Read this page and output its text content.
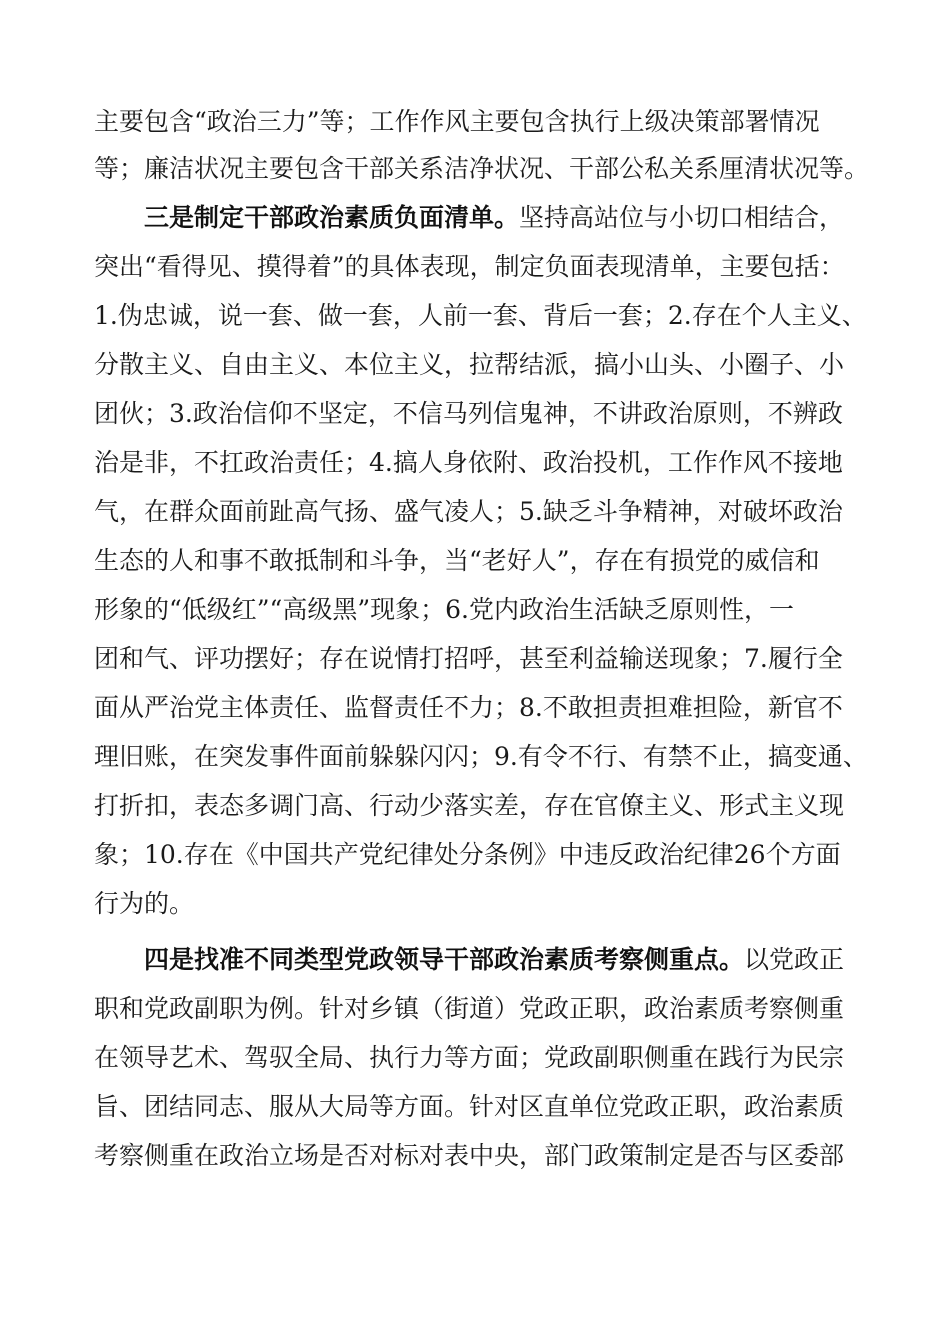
主要包含“政治三力”等；工作作风主要包含执行上级决策部署情况

等；廉洁状况主要包含干部关系洁净状况、干部公私关系厘清状况等。

三是制定干部政治素质负面清单。坚持高站位与小切口相结合，

突出“看得见、摸得着”的具体表现，制定负面表现清单，主要包括：

1.伪忠诚，说一套、做一套，人前一套、背后一套；2.存在个人主义、

分散主义、自由主义、本位主义，拉帮结派，搞小山头、小圈子、小

团伙；3.政治信仰不坚定，不信马列信鬼神，不讲政治原则，不辨政

治是非，不扛政治责任；4.搞人身依附、政治投机，工作作风不接地

气，在群众面前趾高气扬、盛气凌人；5.缺乏斗争精神，对破坏政治

生态的人和事不敢抵制和斗争，当“老好人”，存在有损党的威信和

形象的“低级红”“高级黑”现象；6.党内政治生活缺乏原则性，一

团和气、评功摆好；存在说情打招呼，甚至利益输送现象；7.履行全

面从严治党主体责任、监督责任不力；8.不敢担责担难担险，新官不

理旧账，在突发事件面前躲躲闪闪；9.有令不行、有禁不止，搞变通、

打折扣，表态多调门高、行动少落实差，存在官僚主义、形式主义现

象；10.存在《中国共产党纪律处分条例》中违反政治纪律26个方面

行为的。

四是找准不同类型党政领导干部政治素质考察侧重点。以党政正

职和党政副职为例。针对乡镇（街道）党政正职，政治素质考察侧重

在领导艺术、驾驭全局、执行力等方面；党政副职侧重在践行为民宗

旨、团结同志、服从大局等方面。针对区直单位党政正职，政治素质

考察侧重在政治立场是否对标对表中央，部门政策制定是否与区委部
